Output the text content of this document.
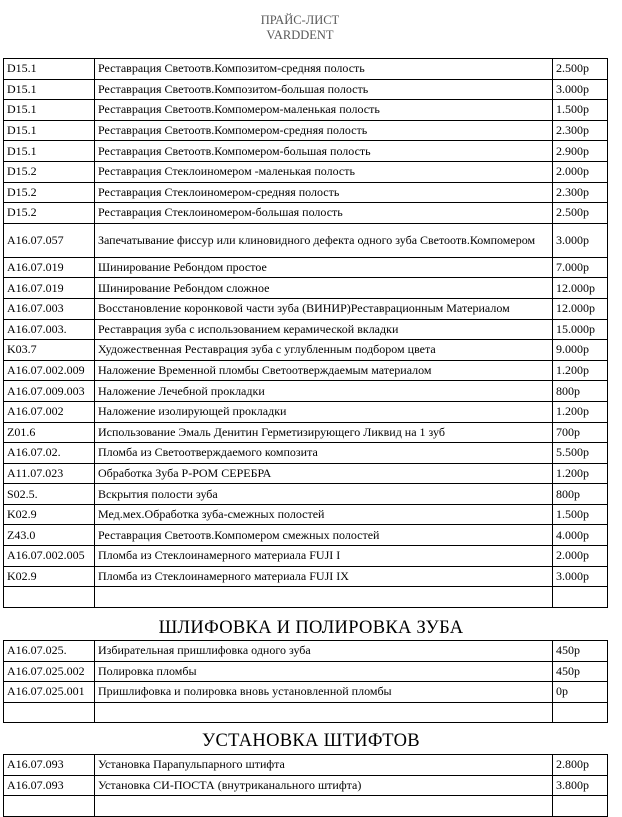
ПРАЙС-ЛИСТ
VARDDENT
D15.1	Реставрация Светоотв.Композитом-средняя полость	2.500р
D15.1	Реставрация Светоотв.Композитом-большая полость	3.000р
D15.1	Реставрация Светоотв.Компомером-маленькая полость	1.500р
D15.1	Реставрация Светоотв.Компомером-средняя полость	2.300р
D15.1	Реставрация Светоотв.Компомером-большая полость	2.900р
D15.2	Реставрация Стеклоиномером -маленькая полость	2.000р
D15.2	Реставрация Стеклоиномером-средняя полость	2.300р
D15.2	Реставрация Стеклоиномером-большая полость	2.500р
A16.07.057	Запечатывание фиссур или клиновидного дефекта одного зуба Светоотв.Компомером	3.000р
A16.07.019	Шинирование Ребондом простое	7.000р
A16.07.019	Шинирование Ребондом сложное	12.000р
A16.07.003	Восстановление коронковой части зуба (ВИНИР)Реставрационным Материалом	12.000р
A16.07.003.	Реставрация зуба с использованием керамической вкладки	15.000р
K03.7	Художественная Реставрация зуба с углубленным подбором цвета	9.000р
A16.07.002.009	Наложение Временной пломбы Светоотверждаемым материалом	1.200р
A16.07.009.003	Наложение Лечебной прокладки	800р
A16.07.002	Наложение изолирующей прокладки	1.200р
Z01.6	Использование Эмаль Денитин Герметизирующего Ликвид на 1 зуб	700р
A16.07.02.	Пломба из Светоотверждаемого композита	5.500р
A11.07.023	Обработка Зуба P-POM СЕРЕБРА	1.200р
S02.5.	Вскрытия полости зуба	800р
K02.9	Мед.мех.Обработка зуба-смежных полостей	1.500р
Z43.0	Реставрация Светоотв.Компомером смежных полостей	4.000р
A16.07.002.005	Пломба из Стеклоинамерного материала FUJI I	2.000р
K02.9	Пломба из Стеклоинамерного материала FUJI IX	3.000р

ШЛИФОВКА И ПОЛИРОВКА ЗУБА
A16.07.025.	Избирательная пришлифовка одного зуба	450р
A16.07.025.002	Полировка пломбы	450р
A16.07.025.001	Пришлифовка и полировка вновь установленной пломбы	0р

УСТАНОВКА ШТИФТОВ
A16.07.093	Установка Парапульпарного штифта	2.800р
A16.07.093	Установка СИ-ПОСТА (внутриканального штифта)	3.800р
